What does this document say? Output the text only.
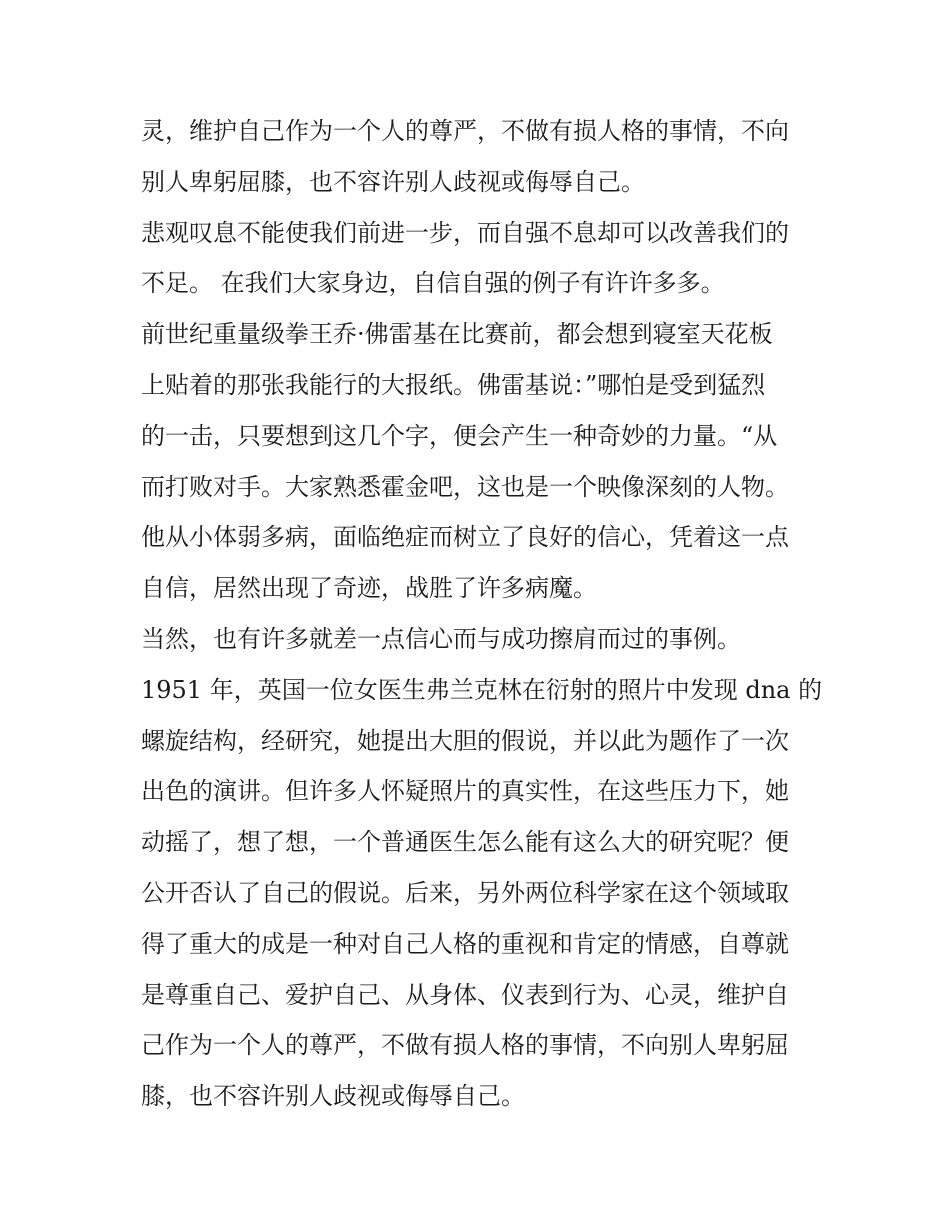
灵，维护自己作为一个人的尊严，不做有损人格的事情，不向
别人卑躬屈膝，也不容许别人歧视或侮辱自己。
悲观叹息不能使我们前进一步，而自强不息却可以改善我们的
不足。 在我们大家身边，自信自强的例子有许许多多。
前世纪重量级拳王乔·佛雷基在比赛前，都会想到寝室天花板
上贴着的那张我能行的大报纸。佛雷基说：”哪怕是受到猛烈
的一击，只要想到这几个字，便会产生一种奇妙的力量。“从
而打败对手。大家熟悉霍金吧，这也是一个映像深刻的人物。
他从小体弱多病，面临绝症而树立了良好的信心，凭着这一点
自信，居然出现了奇迹，战胜了许多病魔。
当然，也有许多就差一点信心而与成功擦肩而过的事例。
1951 年，英国一位女医生弗兰克林在衍射的照片中发现 dna 的
螺旋结构，经研究，她提出大胆的假说，并以此为题作了一次
出色的演讲。但许多人怀疑照片的真实性，在这些压力下，她
动摇了，想了想，一个普通医生怎么能有这么大的研究呢？便
公开否认了自己的假说。后来，另外两位科学家在这个领域取
得了重大的成是一种对自己人格的重视和肯定的情感，自尊就
是尊重自己、爱护自己、从身体、仪表到行为、心灵，维护自
己作为一个人的尊严，不做有损人格的事情，不向别人卑躬屈
膝，也不容许别人歧视或侮辱自己。
